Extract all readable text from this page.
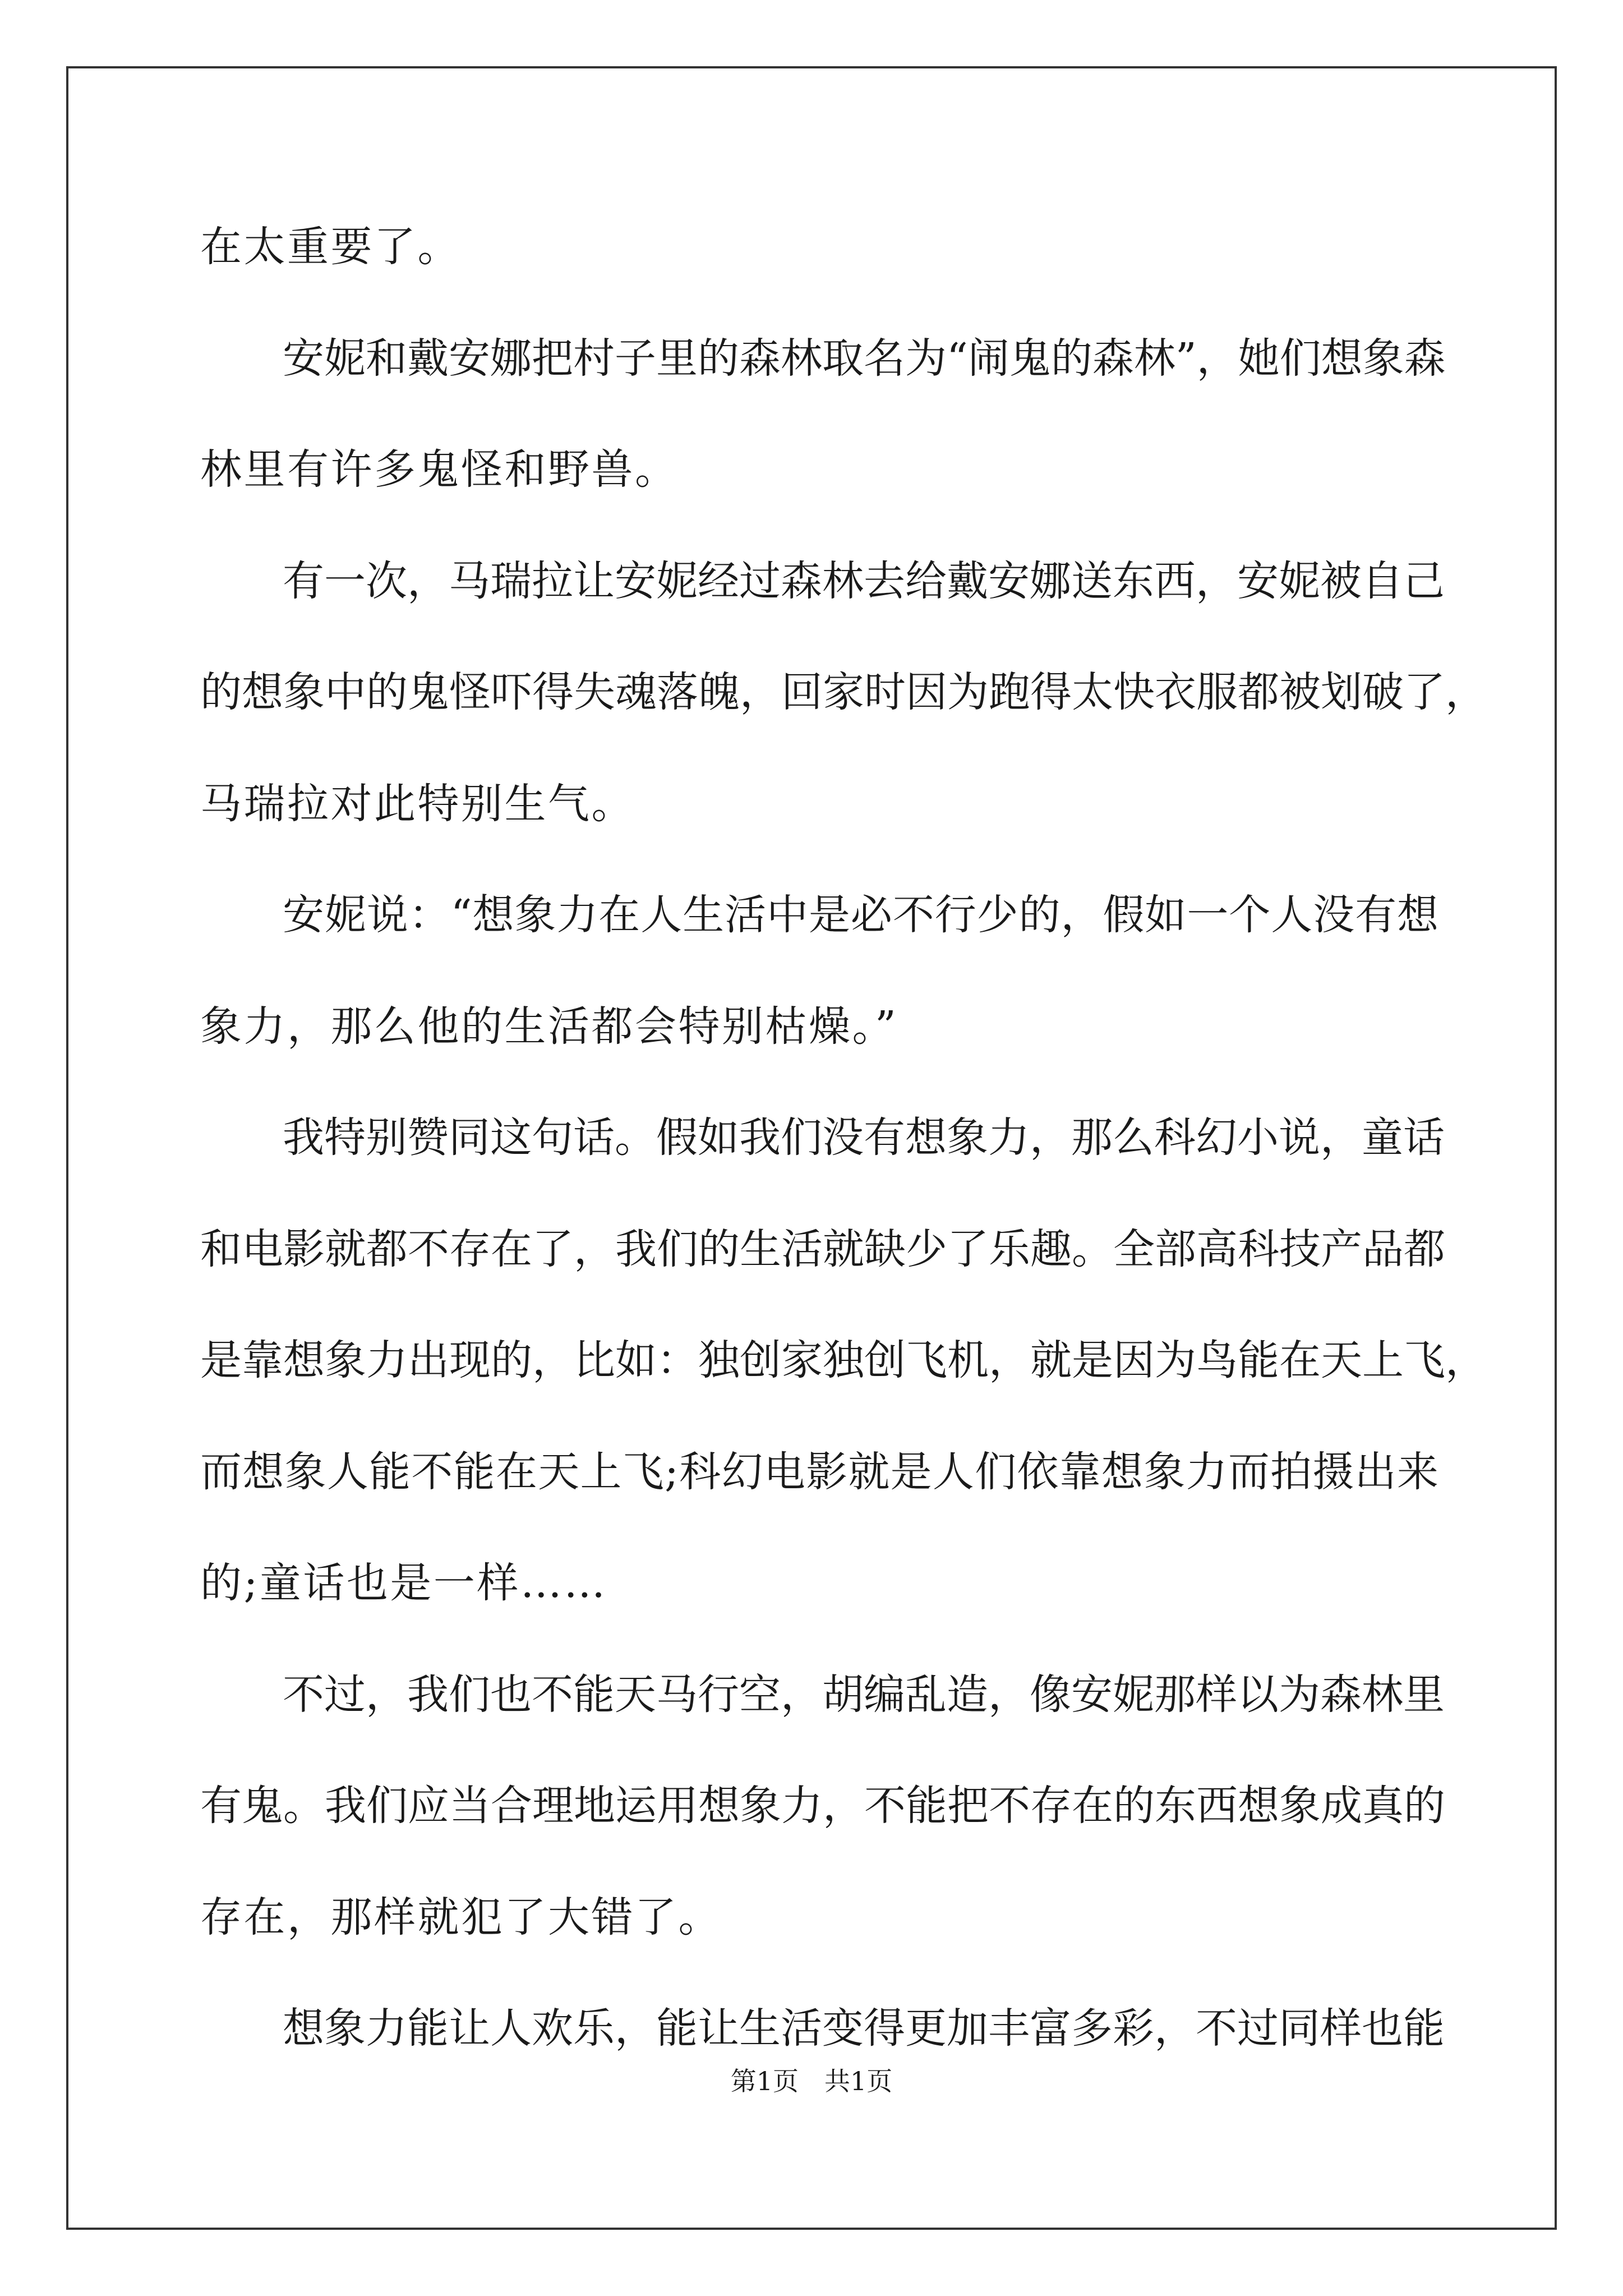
在太重要了。
安妮和戴安娜把村子里的森林取名为“闹鬼的森林”，她们想象森
林里有许多鬼怪和野兽。
有一次，马瑞拉让安妮经过森林去给戴安娜送东西，安妮被自己
的想象中的鬼怪吓得失魂落魄，回家时因为跑得太快衣服都被划破了，
马瑞拉对此特别生气。
安妮说：“想象力在人生活中是必不行少的，假如一个人没有想
象力，那么他的生活都会特别枯燥。”
我特别赞同这句话。假如我们没有想象力，那么科幻小说，童话
和电影就都不存在了，我们的生活就缺少了乐趣。全部高科技产品都
是靠想象力出现的，比如：独创家独创飞机，就是因为鸟能在天上飞，
而想象人能不能在天上飞;科幻电影就是人们依靠想象力而拍摄出来
的;童话也是一样……
不过，我们也不能天马行空，胡编乱造，像安妮那样以为森林里
有鬼。我们应当合理地运用想象力，不能把不存在的东西想象成真的
存在，那样就犯了大错了。
想象力能让人欢乐，能让生活变得更加丰富多彩，不过同样也能
第1页 共1页
